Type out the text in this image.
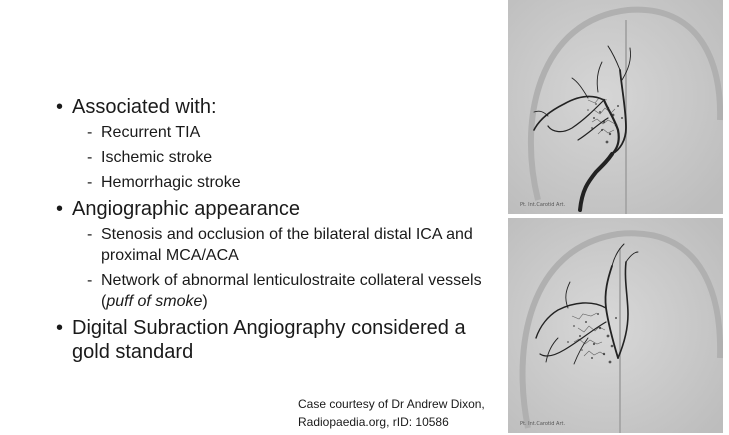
• Associated with:
- Recurrent TIA
- Ischemic stroke
- Hemorrhagic stroke
• Angiographic appearance
- Stenosis and occlusion of the bilateral distal ICA and proximal MCA/ACA
- Network of abnormal lenticulostraite collateral vessels (puff of smoke)
• Digital Subraction Angiography considered a gold standard
Case courtesy of Dr Andrew Dixon,
Radiopaedia.org, rID: 10586
Pt. Int.Carotid Art.
Pt. Int.Carotid Art.
